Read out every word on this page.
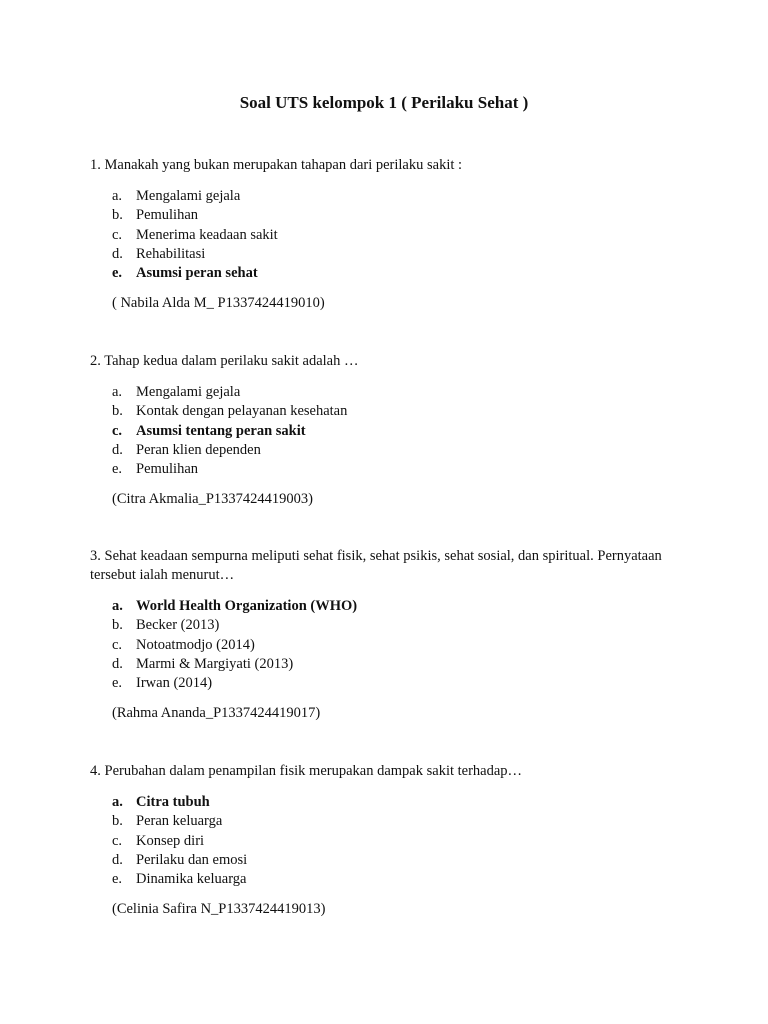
Soal UTS kelompok 1 ( Perilaku Sehat )

1. Manakah yang bukan merupakan tahapan dari perilaku sakit :

a. Mengalami gejala
b. Pemulihan
c. Menerima keadaan sakit
d. Rehabilitasi
e. Asumsi peran sehat

( Nabila Alda M_ P1337424419010)

2. Tahap kedua dalam perilaku sakit adalah …

a. Mengalami gejala
b. Kontak dengan pelayanan kesehatan
c. Asumsi tentang peran sakit
d. Peran klien dependen
e. Pemulihan

(Citra Akmalia_P1337424419003)

3. Sehat keadaan sempurna meliputi sehat fisik, sehat psikis, sehat sosial, dan spiritual. Pernyataan tersebut ialah menurut…

a. World Health Organization (WHO)
b. Becker (2013)
c. Notoatmodjo (2014)
d. Marmi & Margiyati (2013)
e. Irwan (2014)

(Rahma Ananda_P1337424419017)

4. Perubahan dalam penampilan fisik merupakan dampak sakit terhadap…

a. Citra tubuh
b. Peran keluarga
c. Konsep diri
d. Perilaku dan emosi
e. Dinamika keluarga

(Celinia Safira N_P1337424419013)
